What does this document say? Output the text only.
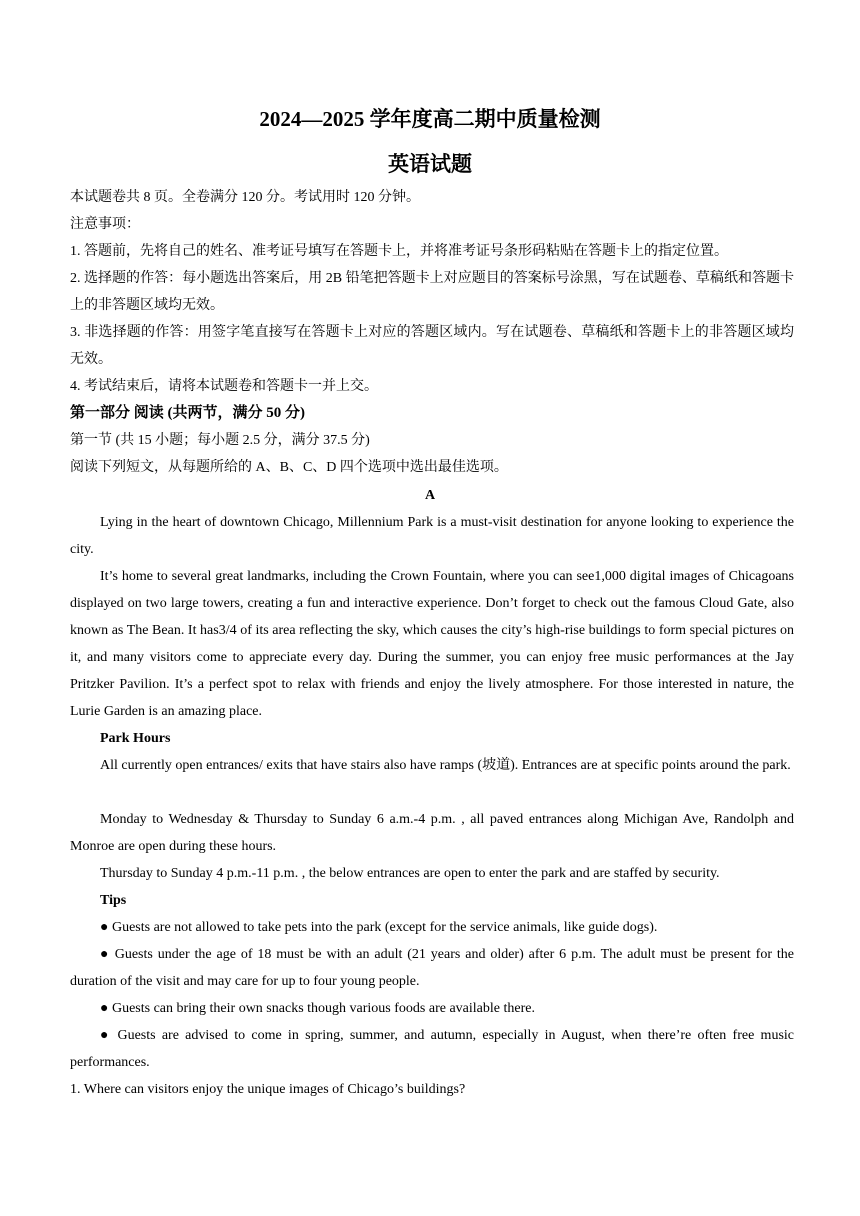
2024—2025 学年度高二期中质量检测
英语试题
本试题卷共 8 页。全卷满分 120 分。考试用时 120 分钟。
注意事项：
1. 答题前，先将自己的姓名、准考证号填写在答题卡上，并将准考证号条形码粘贴在答题卡上的指定位置。
2. 选择题的作答：每小题选出答案后，用 2B 铅笔把答题卡上对应题目的答案标号涂黑，写在试题卷、草稿纸和答题卡上的非答题区域均无效。
3. 非选择题的作答：用签字笔直接写在答题卡上对应的答题区域内。写在试题卷、草稿纸和答题卡上的非答题区域均无效。
4. 考试结束后，请将本试题卷和答题卡一并上交。
第一部分 阅读 (共两节，满分 50 分)
第一节 (共 15 小题；每小题 2.5 分，满分 37.5 分)
阅读下列短文，从每题所给的 A、B、C、D 四个选项中选出最佳选项。
A
Lying in the heart of downtown Chicago, Millennium Park is a must-visit destination for anyone looking to experience the city.
It’s home to several great landmarks, including the Crown Fountain, where you can see1,000 digital images of Chicagoans displayed on two large towers, creating a fun and interactive experience. Don’t forget to check out the famous Cloud Gate, also known as The Bean. It has3/4 of its area reflecting the sky, which causes the city’s high-rise buildings to form special pictures on it, and many visitors come to appreciate every day. During the summer, you can enjoy free music performances at the Jay Pritzker Pavilion. It’s a perfect spot to relax with friends and enjoy the lively atmosphere. For those interested in nature, the Lurie Garden is an amazing place.
Park Hours
All currently open entrances/ exits that have stairs also have ramps (坡道). Entrances are at specific points around the park.
Monday to Wednesday & Thursday to Sunday 6 a.m.-4 p.m. , all paved entrances along Michigan Ave, Randolph and Monroe are open during these hours.
Thursday to Sunday 4 p.m.-11 p.m. , the below entrances are open to enter the park and are staffed by security.
Tips
● Guests are not allowed to take pets into the park (except for the service animals, like guide dogs).
● Guests under the age of 18 must be with an adult (21 years and older) after 6 p.m. The adult must be present for the duration of the visit and may care for up to four young people.
● Guests can bring their own snacks though various foods are available there.
● Guests are advised to come in spring, summer, and autumn, especially in August, when there’re often free music performances.
1. Where can visitors enjoy the unique images of Chicago’s buildings?
